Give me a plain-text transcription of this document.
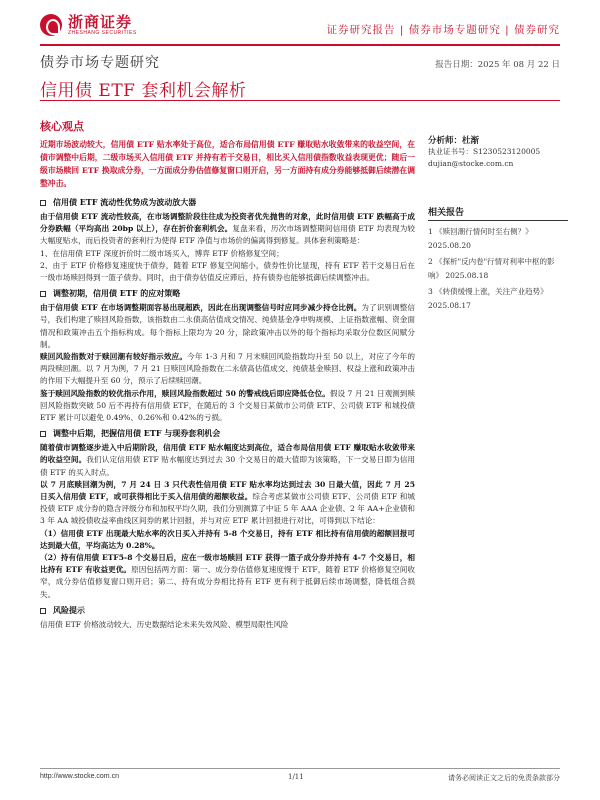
浙商证券
ZHESHANG SECURITIES	证券研究报告 | 债券市场专题研究 | 债券研究
债券市场专题研究	报告日期：2025 年 08 月 22 日
信用债 ETF 套利机会解析
核心观点

近期市场波动较大，信用债 ETF 贴水率处于高位，适合布局信用债 ETF 赚取贴水收敛带来的收益空间，在债市调整中后期，二级市场买入信用债 ETF 并持有若干交易日，相比买入信用债指数收益表现更优；随后一级市场赎回 ETF 换取成分券，一方面成分券估值修复窗口则开启，另一方面持有成分券能够抵御后续潜在调整冲击。

信用债 ETF 流动性优势成为波动放大器

由于信用债 ETF 流动性较高，在市场调整阶段往往成为投资者优先抛售的对象，此时信用债 ETF 跌幅高于成分券跌幅（平均高出 20bp 以上），存在折价套利机会。复盘来看，历次市场调整期间信用债 ETF 均表现为较大幅度贴水，而后投资者的套利行为使得 ETF 净值与市场价的偏离得到修复。具体套利策略是：

1、在信用债 ETF 深度折价时二级市场买入，博弈 ETF 价格修复空间；

2、由于 ETF 价格修复速度快于债券，随着 ETF 修复空间缩小，债券性价比显现，持有 ETF 若干交易日后在一级市场赎回得到一篮子债券。同时，由于债券估值反应滞后，持有债券也能够抵御后续调整冲击。

调整初期，信用债 ETF 的应对策略

由于信用债 ETF 在市场调整期面容易出现超跌，因此在出现调整信号时应同步减少持仓比例。为了识别调整信号，我们构建了赎回风险指数，该指数由二永债高估值成交情况、纯债基金净申购规模、上证指数涨幅、资金面情况和政策冲击五个指标构成。每个指标上限均为 20 分，除政策冲击以外的每个指标均采取分位数区间赋分制。

赎回风险指数对于赎回潮有较好指示效应。今年 1-3 月和 7 月末赎回风险指数均升至 50 以上，对应了今年的两段赎回潮。以 7 月为例，7 月 21 日赎回风险指数在二永债高估值成交、纯债基金赎回、权益上涨和政策冲击的作用下大幅提升至 60 分，预示了后续赎回潮。

鉴于赎回风险指数的较优指示作用，赎回风险指数超过 50 的警戒线后即应降低仓位。假设 7 月 21 日观测到赎回风险指数突破 50 后不再持有信用债 ETF，在随后的 3 个交易日某做市公司债 ETF、公司债 ETF 和城投债 ETF 累计可以避免 0.49%、0.26%和 0.42%的亏损。

调整中后期，把握信用债 ETF 与现券套利机会

随着债市调整逐步进入中后期阶段，信用债 ETF 贴水幅度达到高位，适合布局信用债 ETF 赚取贴水收敛带来的收益空间。我们认定信用债 ETF 贴水幅度达到过去 30 个交易日的最大值即为该策略，下一交易日即为信用债 ETF 的买入时点。

以 7 月底赎回潮为例，7 月 24 日 3 只代表性信用债 ETF 贴水率均达到过去 30 日最大值，因此 7 月 25 日买入信用债 ETF，或可获得相比于买入信用债的超额收益。综合考虑某做市公司债 ETF、公司债 ETF 和城投债 ETF 成分券的隐含评级分布和加权平均久期，我们分别测算了中证 5 年 AAA 企业债、2 年 AA+企业债和 3 年 AA 城投债收益率曲线区间券的累计回报，并与对应 ETF 累计回报进行对比，可得到以下结论：

（1）信用债 ETF 出现最大贴水率的次日买入并持有 5-8 个交易日，持有 ETF 相比持有信用债的超额回报可达到最大值，平均高达为 0.28%。

（2）持有信用债 ETF5-8 个交易日后，应在一级市场赎回 ETF 获得一篮子成分券并持有 4-7 个交易日，相比持有 ETF 有收益更优。原因包括两方面：第一、成分券估值修复速度慢于 ETF，随着 ETF 价格修复空间收窄，成分券估值修复窗口则开启；第二、持有成分券相比持有 ETF 更有利于抵御后续市场调整，降低组合损失。

风险提示

信用债 ETF 价格波动较大、历史数据结论未来失效风险、模型局限性风险

分析师：杜渐
执业证书号：S1230523120005
dujian@stocke.com.cn
相关报告
1 《赎回潮行情何时至右侧？》
2025.08.20
2 《探析"反内卷"行情对利率中枢的影响》 2025.08.18
3 《转债缓慢上涨，关注产业趋势》 2025.08.17
http://www.stocke.com.cn	1/11	请务必阅读正文之后的免责条款部分
